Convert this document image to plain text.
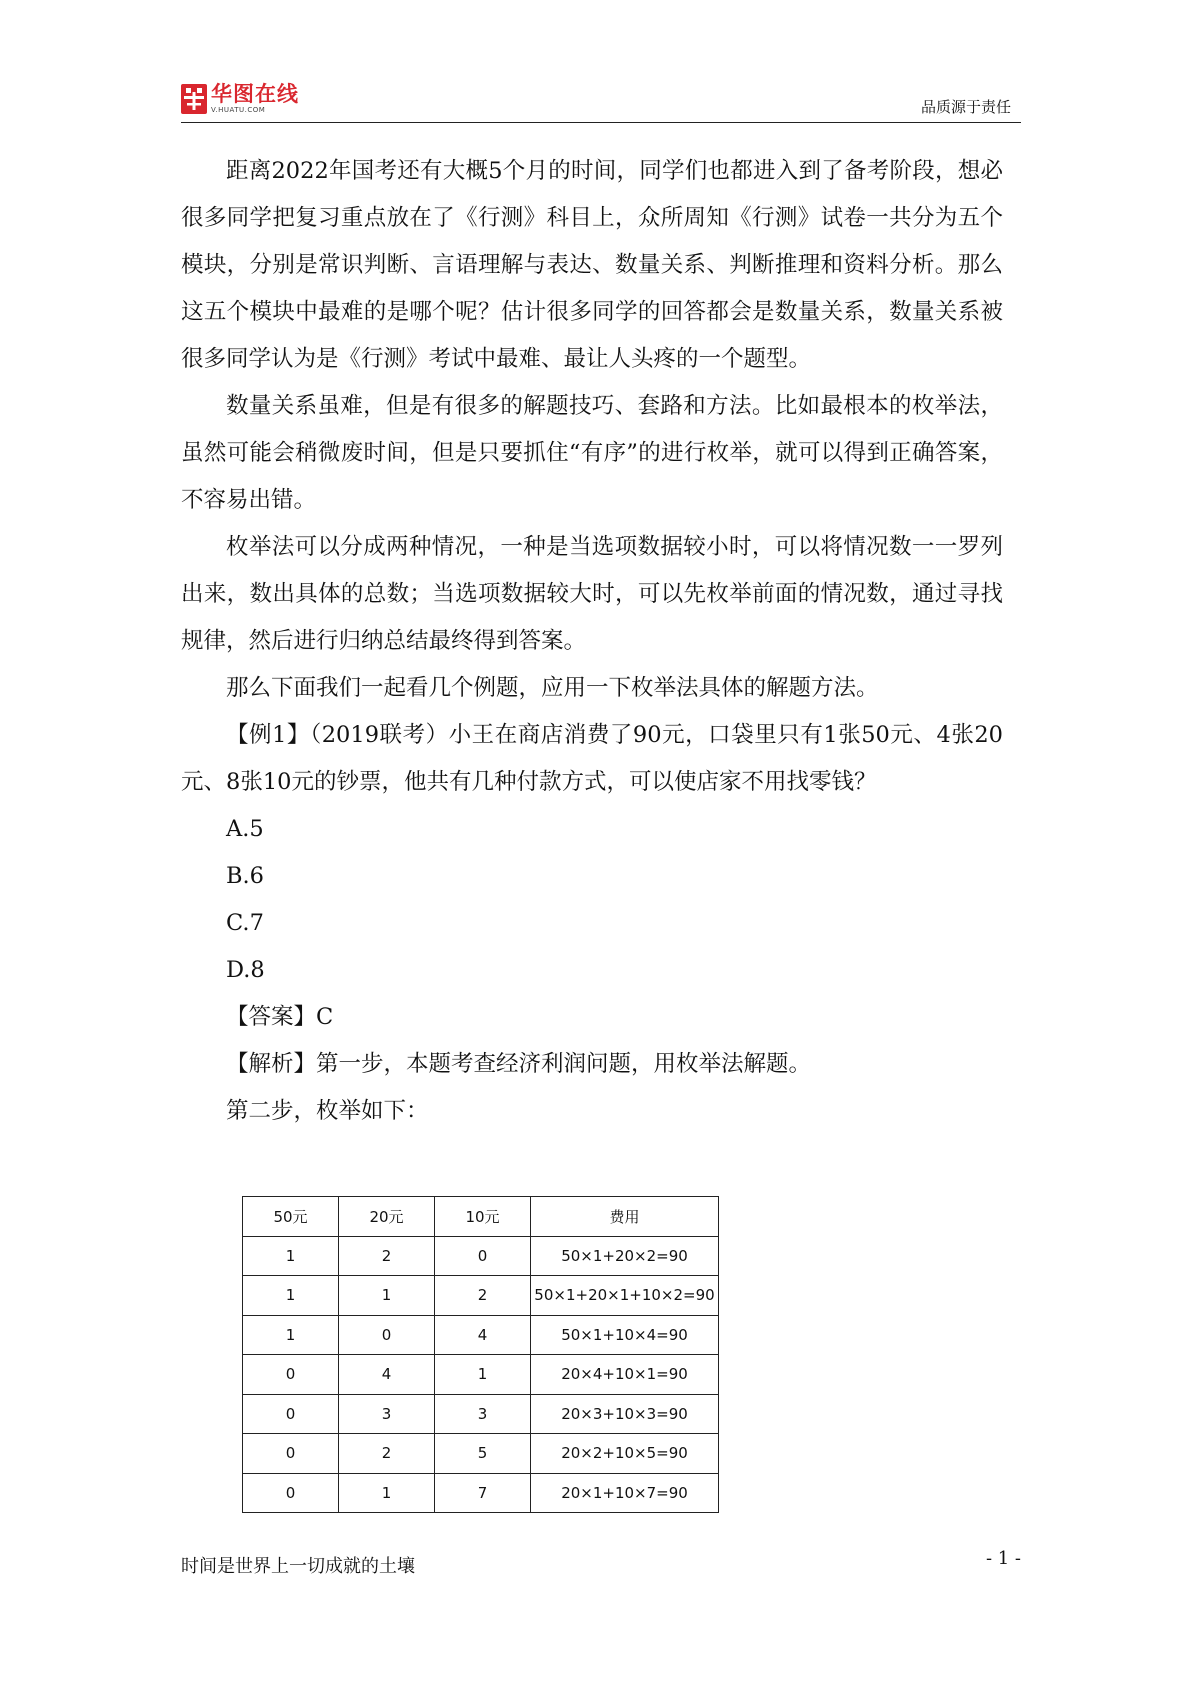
华图在线
V.HUATU.COM	品质源于责任

距离2022年国考还有大概5个月的时间，同学们也都进入到了备考阶段，想必很多同学把复习重点放在了《行测》科目上，众所周知《行测》试卷一共分为五个模块，分别是常识判断、言语理解与表达、数量关系、判断推理和资料分析。那么这五个模块中最难的是哪个呢？估计很多同学的回答都会是数量关系，数量关系被很多同学认为是《行测》考试中最难、最让人头疼的一个题型。

数量关系虽难，但是有很多的解题技巧、套路和方法。比如最根本的枚举法，虽然可能会稍微废时间，但是只要抓住“有序”的进行枚举，就可以得到正确答案，不容易出错。

枚举法可以分成两种情况，一种是当选项数据较小时，可以将情况数一一罗列出来，数出具体的总数；当选项数据较大时，可以先枚举前面的情况数，通过寻找规律，然后进行归纳总结最终得到答案。

那么下面我们一起看几个例题，应用一下枚举法具体的解题方法。

【例1】（2019联考）小王在商店消费了90元，口袋里只有1张50元、4张20元、8张10元的钞票，他共有几种付款方式，可以使店家不用找零钱？

A.5

B.6

C.7

D.8

【答案】C

【解析】第一步，本题考查经济利润问题，用枚举法解题。

第二步，枚举如下：

50元	20元	10元	费用
1	2	0	50×1+20×2=90
1	1	2	50×1+20×1+10×2=90
1	0	4	50×1+10×4=90
0	4	1	20×4+10×1=90
0	3	3	20×3+10×3=90
0	2	5	20×2+10×5=90
0	1	7	20×1+10×7=90
时间是世界上一切成就的土壤	- 1 -
